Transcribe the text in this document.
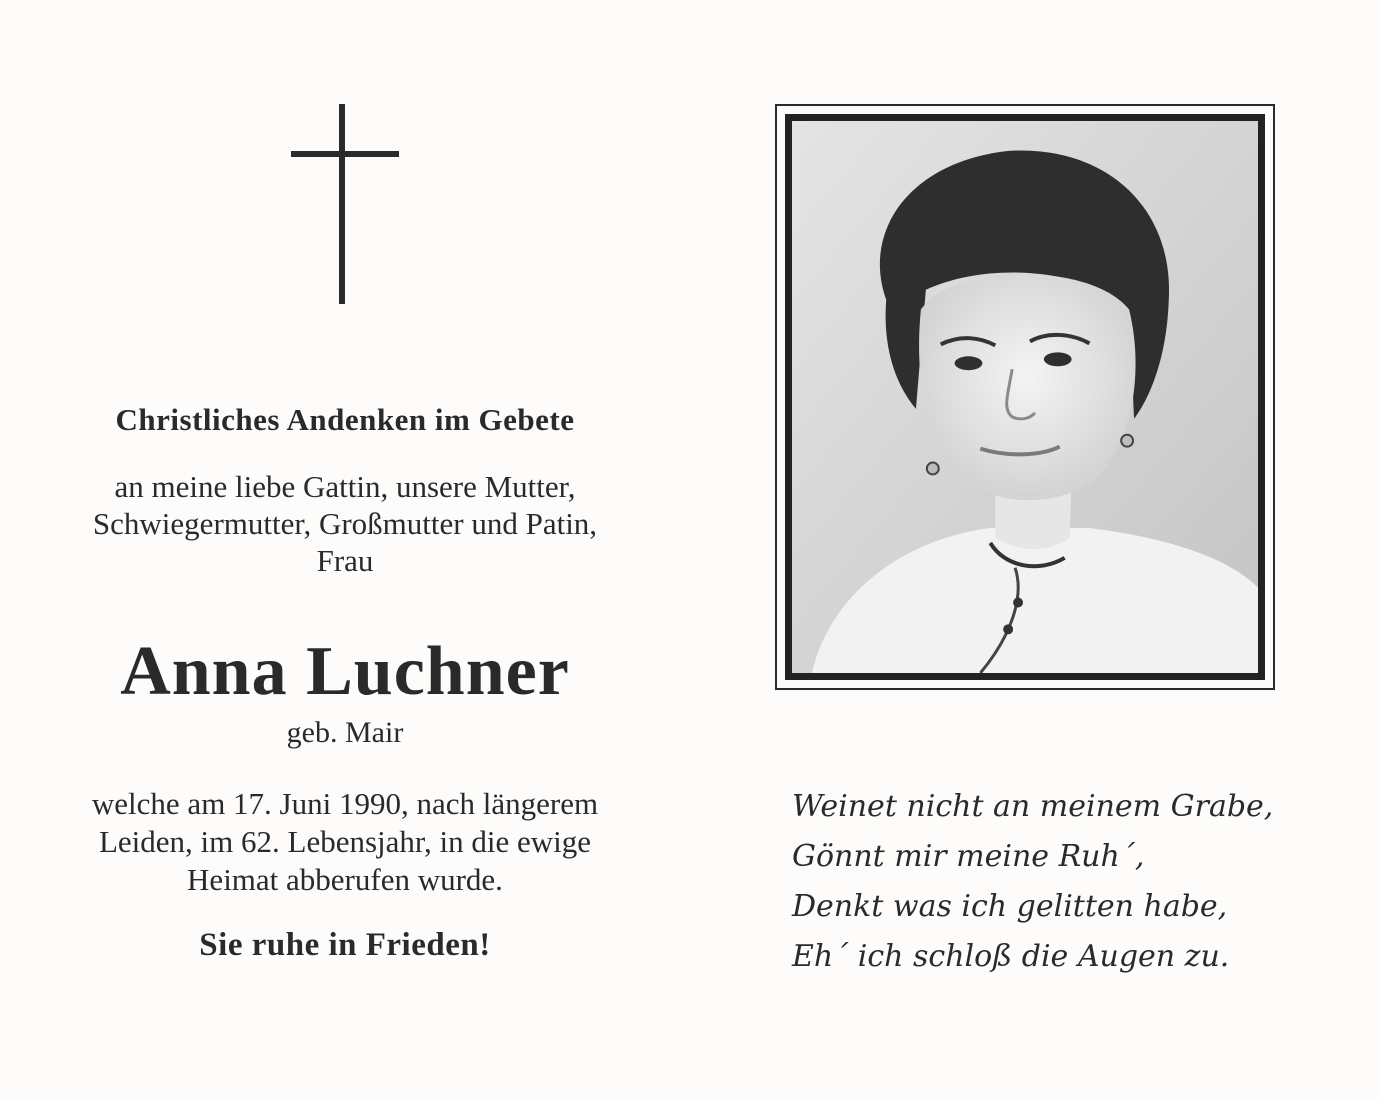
Christliches Andenken im Gebete
an meine liebe Gattin, unsere Mutter,
Schwiegermutter, Großmutter und Patin,
Frau
Anna Luchner
geb. Mair
welche am 17. Juni 1990, nach längerem
Leiden, im 62. Lebensjahr, in die ewige
Heimat abberufen wurde.
Sie ruhe in Frieden!
Weinet nicht an meinem Grabe,
Gönnt mir meine Ruh´,
Denkt was ich gelitten habe,
Eh´ ich schloß die Augen zu.
